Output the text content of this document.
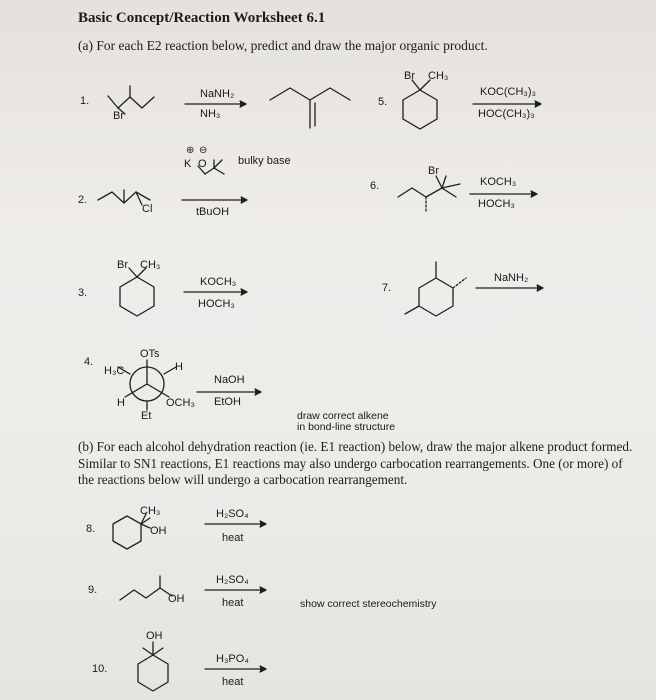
Basic Concept/Reaction Worksheet 6.1
(a) For each E2 reaction below, predict and draw the major organic product.
1.
2.
3.
4.
5.
6.
7.
Br
NaNH₂
NH₃
Br CH₃
KOC(CH₃)₃
HOC(CH₃)₃
Cl
K O
⊕ ⊖
bulky base
tBuOH
Br
KOCH₃
HOCH₃
Br CH₃
KOCH₃
HOCH₃
NaNH₂
OTs
H₃C	H
H	OCH₃
Et
NaOH
EtOH
draw correct alkene
in bond-line structure
(b) For each alcohol dehydration reaction (ie. E1 reaction) below, draw the major alkene product formed. Similar to SN1 reactions, E1 reactions may also undergo carbocation rearrangements. One (or more) of the reactions below will undergo a carbocation rearrangement.
8.
CH₃
OH
H₂SO₄
heat
9.
OH
H₂SO₄
heat	show correct stereochemistry
10.
OH
H₃PO₄
heat
